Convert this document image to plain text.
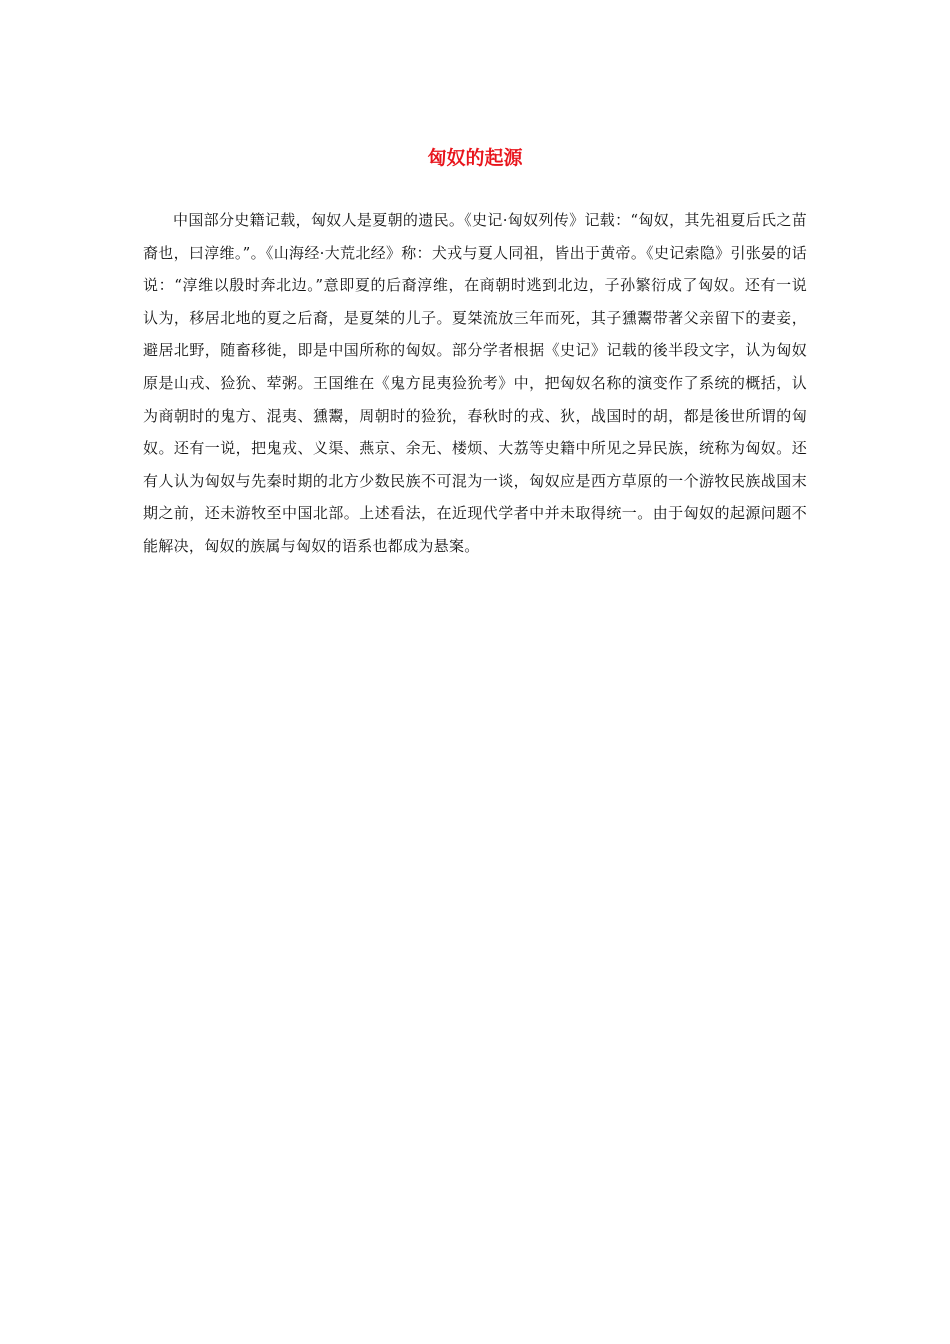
匈奴的起源

中国部分史籍记载，匈奴人是夏朝的遗民。《史记·匈奴列传》记载：“匈奴，其先祖夏后氏之苗裔也，曰淳维。”。《山海经·大荒北经》称：犬戎与夏人同祖，皆出于黄帝。《史记索隐》引张晏的话说：“淳维以殷时奔北边。”意即夏的后裔淳维，在商朝时逃到北边，子孙繁衍成了匈奴。还有一说认为，移居北地的夏之后裔，是夏桀的儿子。夏桀流放三年而死，其子獯鬻带著父亲留下的妻妾，避居北野，随畜移徙，即是中国所称的匈奴。部分学者根据《史记》记载的後半段文字，认为匈奴原是山戎、猃狁、荤粥。王国维在《鬼方昆夷猃狁考》中，把匈奴名称的演变作了系统的概括，认为商朝时的鬼方、混夷、獯鬻，周朝时的猃狁，春秋时的戎、狄，战国时的胡，都是後世所谓的匈奴。还有一说，把鬼戎、义渠、燕京、余无、楼烦、大荔等史籍中所见之异民族，统称为匈奴。还有人认为匈奴与先秦时期的北方少数民族不可混为一谈，匈奴应是西方草原的一个游牧民族战国末期之前，还未游牧至中国北部。上述看法，在近现代学者中并未取得统一。由于匈奴的起源问题不能解决，匈奴的族属与匈奴的语系也都成为悬案。
